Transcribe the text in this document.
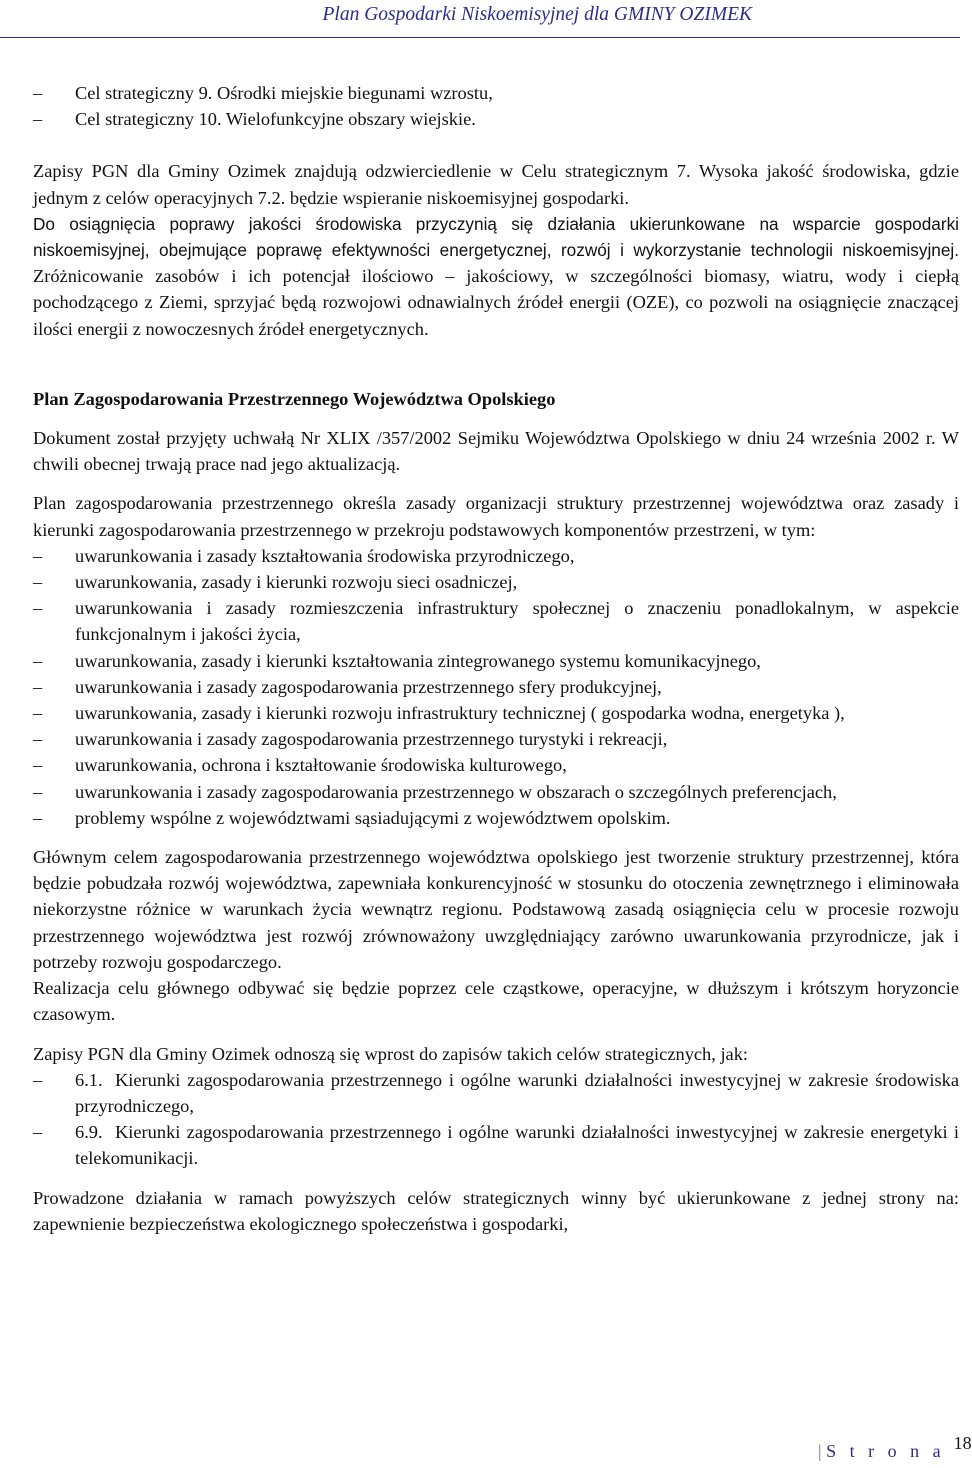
Plan Gospodarki Niskoemisyjnej dla GMINY OZIMEK
– Cel strategiczny 9. Ośrodki miejskie biegunami wzrostu,
– Cel strategiczny 10. Wielofunkcyjne obszary wiejskie.

Zapisy PGN dla Gminy Ozimek znajdują odzwierciedlenie w Celu strategicznym 7. Wysoka jakość środowiska, gdzie jednym z celów operacyjnych 7.2. będzie wspieranie niskoemisyjnej gospodarki.
Do osiągnięcia poprawy jakości środowiska przyczynią się działania ukierunkowane na wsparcie gospodarki niskoemisyjnej, obejmujące poprawę efektywności energetycznej, rozwój i wykorzystanie technologii niskoemisyjnej. Zróżnicowanie zasobów i ich potencjał ilościowo – jakościowy, w szczególności biomasy, wiatru, wody i ciepłą pochodzącego z Ziemi, sprzyjać będą rozwojowi odnawialnych źródeł energii (OZE), co pozwoli na osiągnięcie znaczącej ilości energii z nowoczesnych źródeł energetycznych.

Plan Zagospodarowania Przestrzennego Województwa Opolskiego

Dokument został przyjęty uchwałą Nr XLIX /357/2002 Sejmiku Województwa Opolskiego w dniu 24 września 2002 r. W chwili obecnej trwają prace nad jego aktualizacją.

Plan zagospodarowania przestrzennego określa zasady organizacji struktury przestrzennej województwa oraz zasady i kierunki zagospodarowania przestrzennego w przekroju podstawowych komponentów przestrzeni, w tym:

– uwarunkowania i zasady kształtowania środowiska przyrodniczego,
– uwarunkowania, zasady i kierunki rozwoju sieci osadniczej,
– uwarunkowania i zasady rozmieszczenia infrastruktury społecznej o znaczeniu ponadlokalnym, w aspekcie funkcjonalnym i jakości życia,
– uwarunkowania, zasady i kierunki kształtowania zintegrowanego systemu komunikacyjnego,
– uwarunkowania i zasady zagospodarowania przestrzennego sfery produkcyjnej,
– uwarunkowania, zasady i kierunki rozwoju infrastruktury technicznej ( gospodarka wodna, energetyka ),
– uwarunkowania i zasady zagospodarowania przestrzennego turystyki i rekreacji,
– uwarunkowania, ochrona i kształtowanie środowiska kulturowego,
– uwarunkowania i zasady zagospodarowania przestrzennego w obszarach o szczególnych preferencjach,
– problemy wspólne z województwami sąsiadującymi z województwem opolskim.

Głównym celem zagospodarowania przestrzennego województwa opolskiego jest tworzenie struktury przestrzennej, która będzie pobudzała rozwój województwa, zapewniała konkurencyjność w stosunku do otoczenia zewnętrznego i eliminowała niekorzystne różnice w warunkach życia wewnątrz regionu. Podstawową zasadą osiągnięcia celu w procesie rozwoju przestrzennego województwa jest rozwój zrównoważony uwzględniający zarówno uwarunkowania przyrodnicze, jak i potrzeby rozwoju gospodarczego.

Realizacja celu głównego odbywać się będzie poprzez cele cząstkowe, operacyjne, w dłuższym i krótszym horyzoncie czasowym.

Zapisy PGN dla Gminy Ozimek odnoszą się wprost do zapisów takich celów strategicznych, jak:

– 6.1. Kierunki zagospodarowania przestrzennego i ogólne warunki działalności inwestycyjnej w zakresie środowiska przyrodniczego,
– 6.9. Kierunki zagospodarowania przestrzennego i ogólne warunki działalności inwestycyjnej w zakresie energetyki i telekomunikacji.

Prowadzone działania w ramach powyższych celów strategicznych winny być ukierunkowane z jednej strony na: zapewnienie bezpieczeństwa ekologicznego społeczeństwa i gospodarki,

| S t r o n a 18
